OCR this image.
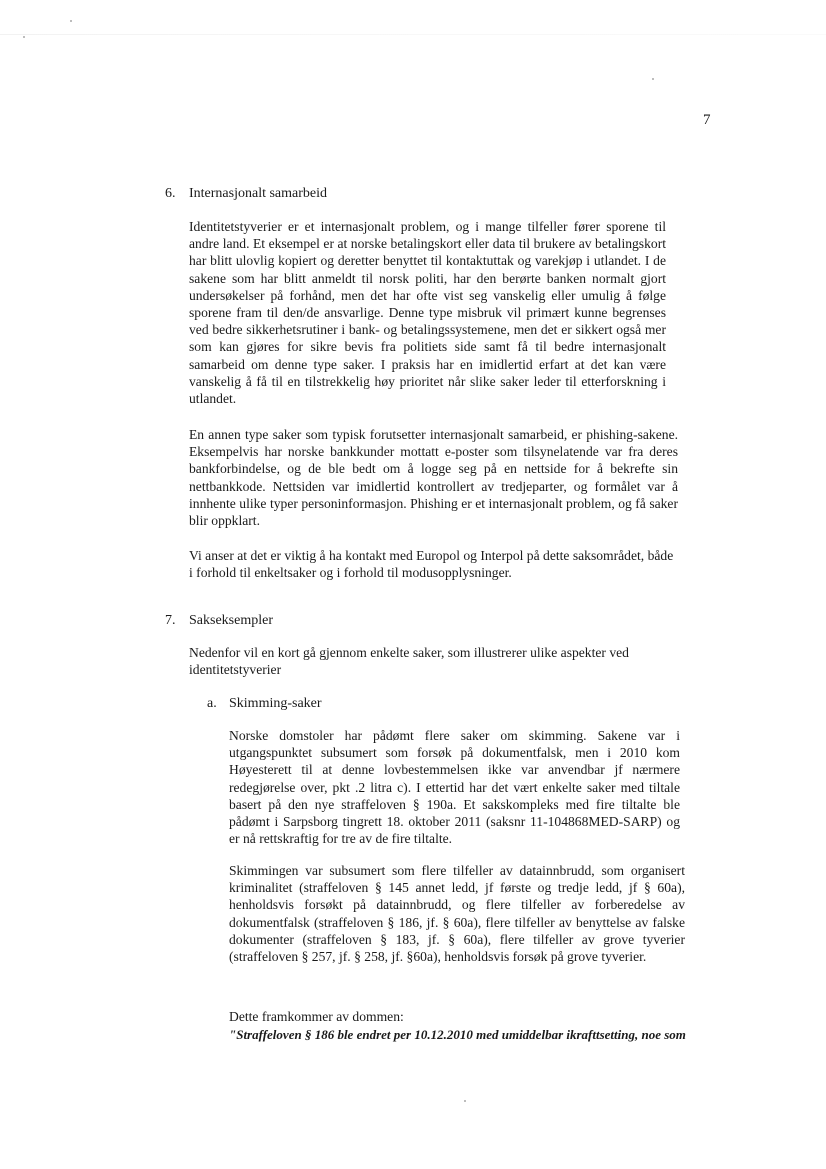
7
6. Internasjonalt samarbeid

Identitetstyverier er et internasjonalt problem, og i mange tilfeller fører sporene til andre land. Et eksempel er at norske betalingskort eller data til brukere av betalingskort har blitt ulovlig kopiert og deretter benyttet til kontaktuttak og varekjøp i utlandet. I de sakene som har blitt anmeldt til norsk politi, har den berørte banken normalt gjort undersøkelser på forhånd, men det har ofte vist seg vanskelig eller umulig å følge sporene fram til den/de ansvarlige. Denne type misbruk vil primært kunne begrenses ved bedre sikkerhetsrutiner i bank- og betalingssystemene, men det er sikkert også mer som kan gjøres for sikre bevis fra politiets side samt få til bedre internasjonalt samarbeid om denne type saker. I praksis har en imidlertid erfart at det kan være vanskelig å få til en tilstrekkelig høy prioritet når slike saker leder til etterforskning i utlandet.

En annen type saker som typisk forutsetter internasjonalt samarbeid, er phishing-sakene. Eksempelvis har norske bankkunder mottatt e-poster som tilsynelatende var fra deres bankforbindelse, og de ble bedt om å logge seg på en nettside for å bekrefte sin nettbankkode. Nettsiden var imidlertid kontrollert av tredjeparter, og formålet var å innhente ulike typer personinformasjon. Phishing er et internasjonalt problem, og få saker blir oppklart.

Vi anser at det er viktig å ha kontakt med Europol og Interpol på dette saksområdet, både i forhold til enkeltsaker og i forhold til modusopplysninger.

7. Sakseksempler

Nedenfor vil en kort gå gjennom enkelte saker, som illustrerer ulike aspekter ved identitetstyverier

a. Skimming-saker

Norske domstoler har pådømt flere saker om skimming. Sakene var i utgangspunktet subsumert som forsøk på dokumentfalsk, men i 2010 kom Høyesterett til at denne lovbestemmelsen ikke var anvendbar jf nærmere redegjørelse over, pkt .2 litra c). I ettertid har det vært enkelte saker med tiltale basert på den nye straffeloven § 190a. Et sakskompleks med fire tiltalte ble pådømt i Sarpsborg tingrett 18. oktober 2011 (saksnr 11-104868MED-SARP) og er nå rettskraftig for tre av de fire tiltalte.

Skimmingen var subsumert som flere tilfeller av datainnbrudd, som organisert kriminalitet (straffeloven § 145 annet ledd, jf første og tredje ledd, jf § 60a), henholdsvis forsøkt på datainnbrudd, og flere tilfeller av forberedelse av dokumentfalsk (straffeloven § 186, jf. § 60a), flere tilfeller av benyttelse av falske dokumenter (straffeloven § 183, jf. § 60a), flere tilfeller av grove tyverier (straffeloven § 257, jf. § 258, jf. §60a), henholdsvis forsøk på grove tyverier.

Dette framkommer av dommen:
"Straffeloven § 186 ble endret per 10.12.2010 med umiddelbar ikrafttsetting, noe som
